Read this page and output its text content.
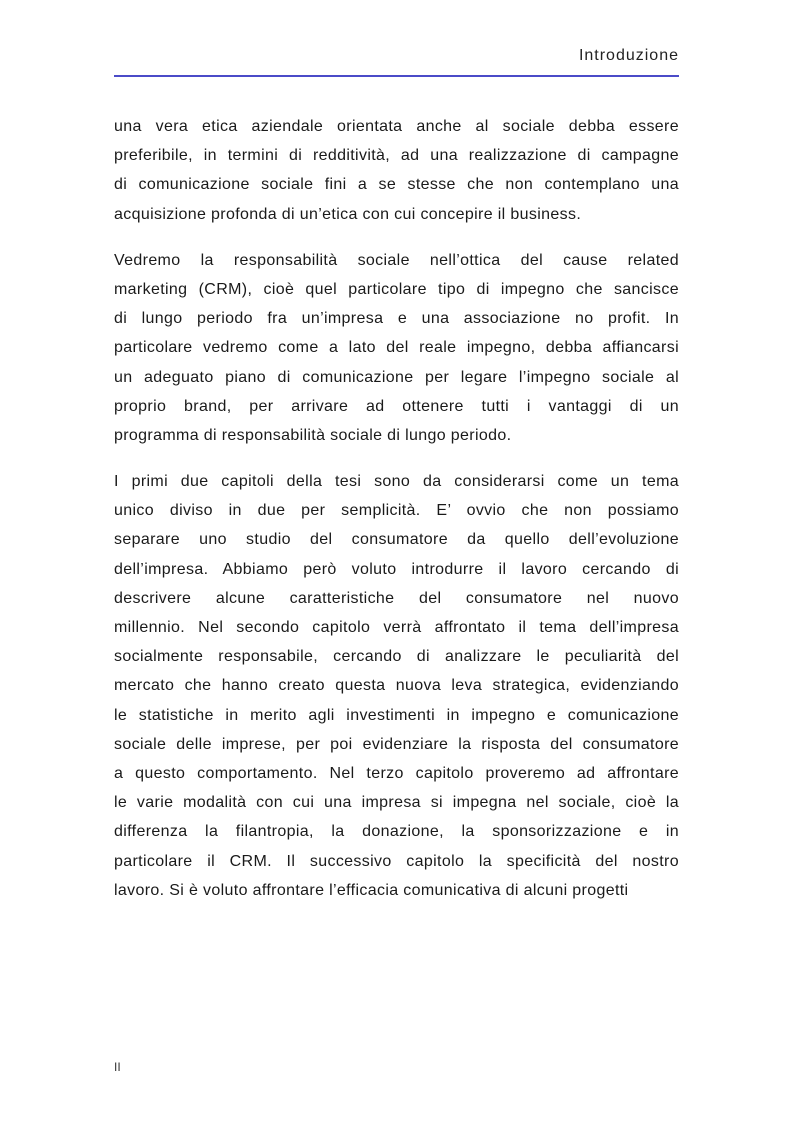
Introduzione
una vera etica aziendale orientata anche al sociale debba essere
preferibile, in termini di redditività, ad una realizzazione di campagne
di comunicazione sociale fini a se stesse che non contemplano una
acquisizione profonda di un’etica con cui concepire il business.
Vedremo la responsabilità sociale nell’ottica del cause related
marketing (CRM), cioè quel particolare tipo di impegno che sancisce
di lungo periodo fra un’impresa e una associazione no profit. In
particolare vedremo come a lato del reale impegno, debba affiancarsi
un adeguato piano di comunicazione per legare l’impegno sociale al
proprio brand, per arrivare ad ottenere tutti i vantaggi di un
programma di responsabilità sociale di lungo periodo.
I primi due capitoli della tesi sono da considerarsi come un tema
unico diviso in due per semplicità. E’ ovvio che non possiamo
separare uno studio del consumatore da quello dell’evoluzione
dell’impresa. Abbiamo però voluto introdurre il lavoro cercando di
descrivere alcune caratteristiche del consumatore nel nuovo
millennio. Nel secondo capitolo verrà affrontato il tema dell’impresa
socialmente responsabile, cercando di analizzare le peculiarità del
mercato che hanno creato questa nuova leva strategica, evidenziando
le statistiche in merito agli investimenti in impegno e comunicazione
sociale delle imprese, per poi evidenziare la risposta del consumatore
a questo comportamento. Nel terzo capitolo proveremo ad affrontare
le varie modalità con cui una impresa si impegna nel sociale, cioè la
differenza la filantropia, la donazione, la sponsorizzazione e in
particolare il CRM. Il successivo capitolo la specificità del nostro
lavoro. Si è voluto affrontare l’efficacia comunicativa di alcuni progetti
II
